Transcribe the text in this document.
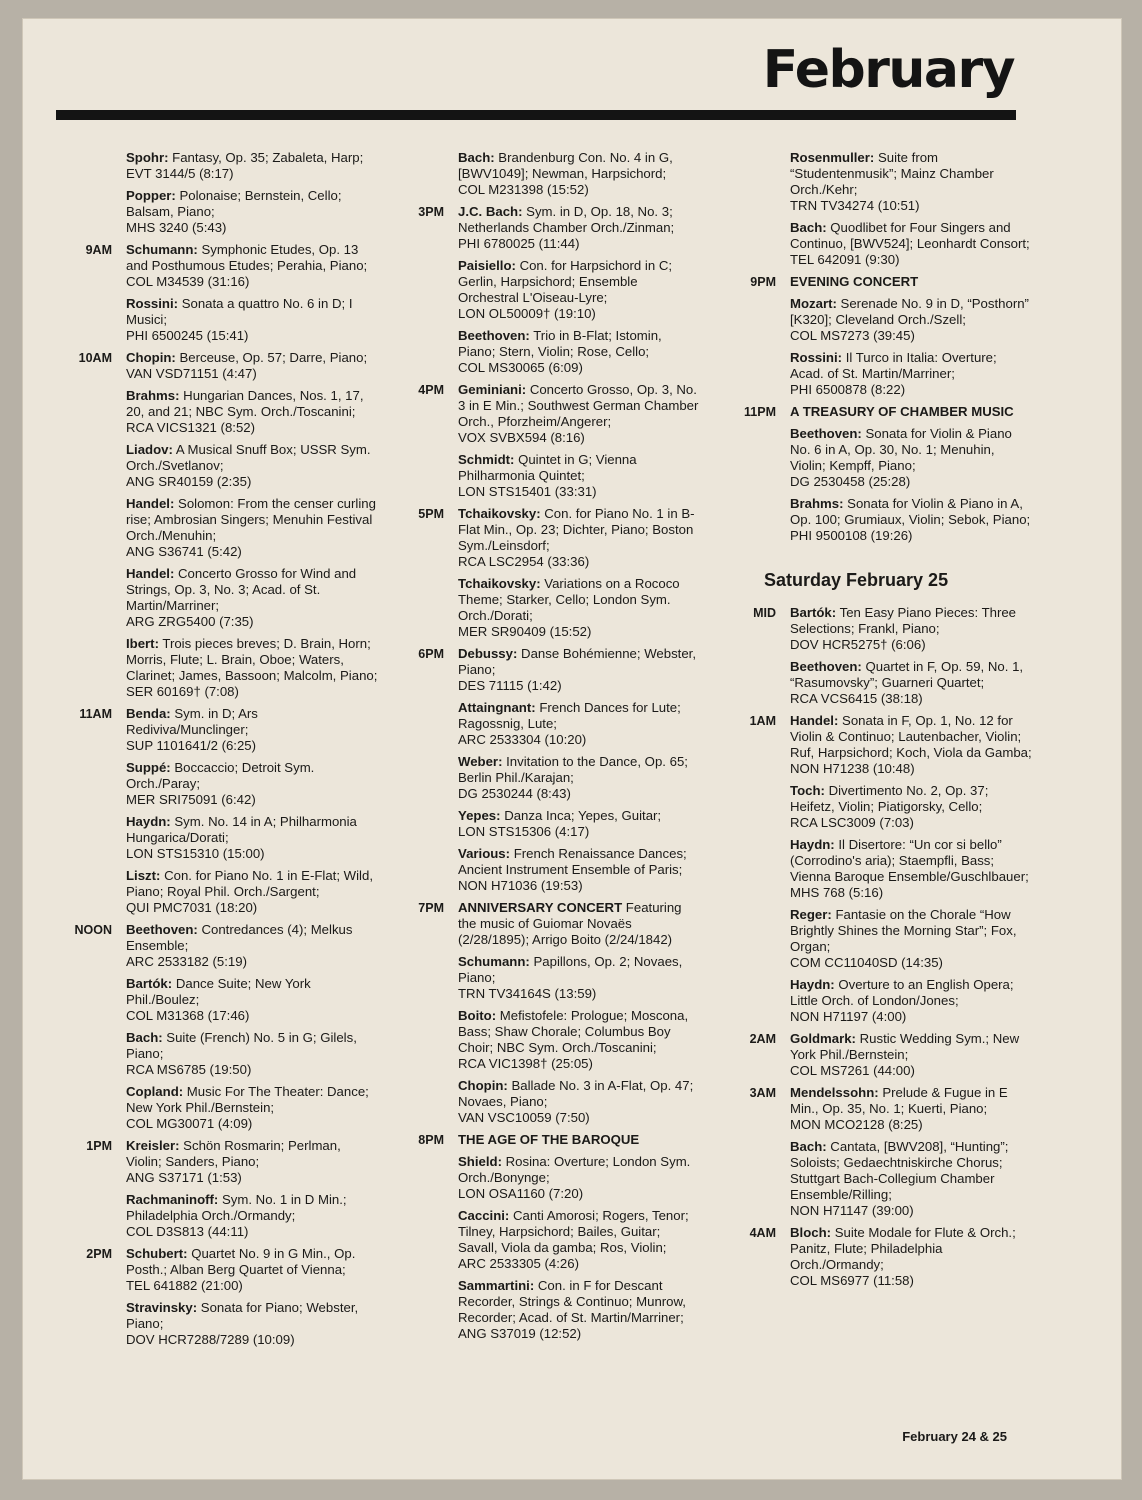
February
Spohr: Fantasy, Op. 35; Zabaleta, Harp;
EVT 3144/5 (8:17)
Popper: Polonaise; Bernstein, Cello; Balsam, Piano;
MHS 3240 (5:43)
9AM Schumann: Symphonic Etudes, Op. 13 and Posthumous Etudes; Perahia, Piano;
COL M34539 (31:16)
Rossini: Sonata a quattro No. 6 in D; I Musici;
PHI 6500245 (15:41)
10AM Chopin: Berceuse, Op. 57; Darre, Piano;
VAN VSD71151 (4:47)
Brahms: Hungarian Dances, Nos. 1, 17, 20, and 21; NBC Sym. Orch./Toscanini;
RCA VICS1321 (8:52)
Liadov: A Musical Snuff Box; USSR Sym. Orch./Svetlanov;
ANG SR40159 (2:35)
Handel: Solomon: From the censer curling rise; Ambrosian Singers; Menuhin Festival Orch./Menuhin;
ANG S36741 (5:42)
Handel: Concerto Grosso for Wind and Strings, Op. 3, No. 3; Acad. of St. Martin/Marriner;
ARG ZRG5400 (7:35)
Ibert: Trois pieces breves; D. Brain, Horn; Morris, Flute; L. Brain, Oboe; Waters, Clarinet; James, Bassoon; Malcolm, Piano;
SER 60169† (7:08)
11AM Benda: Sym. in D; Ars Rediviva/Munclinger;
SUP 1101641/2 (6:25)
Suppé: Boccaccio; Detroit Sym. Orch./Paray;
MER SRI75091 (6:42)
Haydn: Sym. No. 14 in A; Philharmonia Hungarica/Dorati;
LON STS15310 (15:00)
Liszt: Con. for Piano No. 1 in E-Flat; Wild, Piano; Royal Phil. Orch./Sargent;
QUI PMC7031 (18:20)
NOON Beethoven: Contredances (4); Melkus Ensemble;
ARC 2533182 (5:19)
Bartók: Dance Suite; New York Phil./Boulez;
COL M31368 (17:46)
Bach: Suite (French) No. 5 in G; Gilels, Piano;
RCA MS6785 (19:50)
Copland: Music For The Theater: Dance; New York Phil./Bernstein;
COL MG30071 (4:09)
1PM Kreisler: Schön Rosmarin; Perlman, Violin; Sanders, Piano;
ANG S37171 (1:53)
Rachmaninoff: Sym. No. 1 in D Min.; Philadelphia Orch./Ormandy;
COL D3S813 (44:11)
2PM Schubert: Quartet No. 9 in G Min., Op. Posth.; Alban Berg Quartet of Vienna;
TEL 641882 (21:00)
Stravinsky: Sonata for Piano; Webster, Piano;
DOV HCR7288/7289 (10:09)
Bach: Brandenburg Con. No. 4 in G, [BWV1049]; Newman, Harpsichord;
COL M231398 (15:52)
3PM J.C. Bach: Sym. in D, Op. 18, No. 3; Netherlands Chamber Orch./Zinman;
PHI 6780025 (11:44)
Paisiello: Con. for Harpsichord in C; Gerlin, Harpsichord; Ensemble Orchestral L'Oiseau-Lyre;
LON OL50009† (19:10)
Beethoven: Trio in B-Flat; Istomin, Piano; Stern, Violin; Rose, Cello;
COL MS30065 (6:09)
4PM Geminiani: Concerto Grosso, Op. 3, No. 3 in E Min.; Southwest German Chamber Orch., Pforzheim/Angerer;
VOX SVBX594 (8:16)
Schmidt: Quintet in G; Vienna Philharmonia Quintet;
LON STS15401 (33:31)
5PM Tchaikovsky: Con. for Piano No. 1 in B-Flat Min., Op. 23; Dichter, Piano; Boston Sym./Leinsdorf;
RCA LSC2954 (33:36)
Tchaikovsky: Variations on a Rococo Theme; Starker, Cello; London Sym. Orch./Dorati;
MER SR90409 (15:52)
6PM Debussy: Danse Bohémienne; Webster, Piano;
DES 71115 (1:42)
Attaingnant: French Dances for Lute; Ragossnig, Lute;
ARC 2533304 (10:20)
Weber: Invitation to the Dance, Op. 65; Berlin Phil./Karajan;
DG 2530244 (8:43)
Yepes: Danza Inca; Yepes, Guitar;
LON STS15306 (4:17)
Various: French Renaissance Dances; Ancient Instrument Ensemble of Paris;
NON H71036 (19:53)
7PM ANNIVERSARY CONCERT Featuring the music of Guiomar Novaës (2/28/1895); Arrigo Boito (2/24/1842)
Schumann: Papillons, Op. 2; Novaes, Piano;
TRN TV34164S (13:59)
Boito: Mefistofele: Prologue; Moscona, Bass; Shaw Chorale; Columbus Boy Choir; NBC Sym. Orch./Toscanini;
RCA VIC1398† (25:05)
Chopin: Ballade No. 3 in A-Flat, Op. 47; Novaes, Piano;
VAN VSC10059 (7:50)
8PM THE AGE OF THE BAROQUE
Shield: Rosina: Overture; London Sym. Orch./Bonynge;
LON OSA1160 (7:20)
Caccini: Canti Amorosi; Rogers, Tenor; Tilney, Harpsichord; Bailes, Guitar; Savall, Viola da gamba; Ros, Violin;
ARC 2533305 (4:26)
Sammartini: Con. in F for Descant Recorder, Strings & Continuo; Munrow, Recorder; Acad. of St. Martin/Marriner;
ANG S37019 (12:52)
Rosenmuller: Suite from “Studentenmusik”; Mainz Chamber Orch./Kehr;
TRN TV34274 (10:51)
Bach: Quodlibet for Four Singers and Continuo, [BWV524]; Leonhardt Consort;
TEL 642091 (9:30)
9PM EVENING CONCERT
Mozart: Serenade No. 9 in D, “Posthorn” [K320]; Cleveland Orch./Szell;
COL MS7273 (39:45)
Rossini: Il Turco in Italia: Overture; Acad. of St. Martin/Marriner;
PHI 6500878 (8:22)
11PM A TREASURY OF CHAMBER MUSIC
Beethoven: Sonata for Violin & Piano No. 6 in A, Op. 30, No. 1; Menuhin, Violin; Kempff, Piano;
DG 2530458 (25:28)
Brahms: Sonata for Violin & Piano in A, Op. 100; Grumiaux, Violin; Sebok, Piano;
PHI 9500108 (19:26)
Saturday February 25
MID Bartók: Ten Easy Piano Pieces: Three Selections; Frankl, Piano;
DOV HCR5275† (6:06)
Beethoven: Quartet in F, Op. 59, No. 1, “Rasumovsky”; Guarneri Quartet;
RCA VCS6415 (38:18)
1AM Handel: Sonata in F, Op. 1, No. 12 for Violin & Continuo; Lautenbacher, Violin; Ruf, Harpsichord; Koch, Viola da Gamba;
NON H71238 (10:48)
Toch: Divertimento No. 2, Op. 37; Heifetz, Violin; Piatigorsky, Cello;
RCA LSC3009 (7:03)
Haydn: Il Disertore: “Un cor si bello” (Corrodino's aria); Staempfli, Bass; Vienna Baroque Ensemble/Guschlbauer;
MHS 768 (5:16)
Reger: Fantasie on the Chorale “How Brightly Shines the Morning Star”; Fox, Organ;
COM CC11040SD (14:35)
Haydn: Overture to an English Opera; Little Orch. of London/Jones;
NON H71197 (4:00)
2AM Goldmark: Rustic Wedding Sym.; New York Phil./Bernstein;
COL MS7261 (44:00)
3AM Mendelssohn: Prelude & Fugue in E Min., Op. 35, No. 1; Kuerti, Piano;
MON MCO2128 (8:25)
Bach: Cantata, [BWV208], “Hunting”; Soloists; Gedaechtniskirche Chorus; Stuttgart Bach-Collegium Chamber Ensemble/Rilling;
NON H71147 (39:00)
4AM Bloch: Suite Modale for Flute & Orch.; Panitz, Flute; Philadelphia Orch./Ormandy;
COL MS6977 (11:58)
February 24 & 25
